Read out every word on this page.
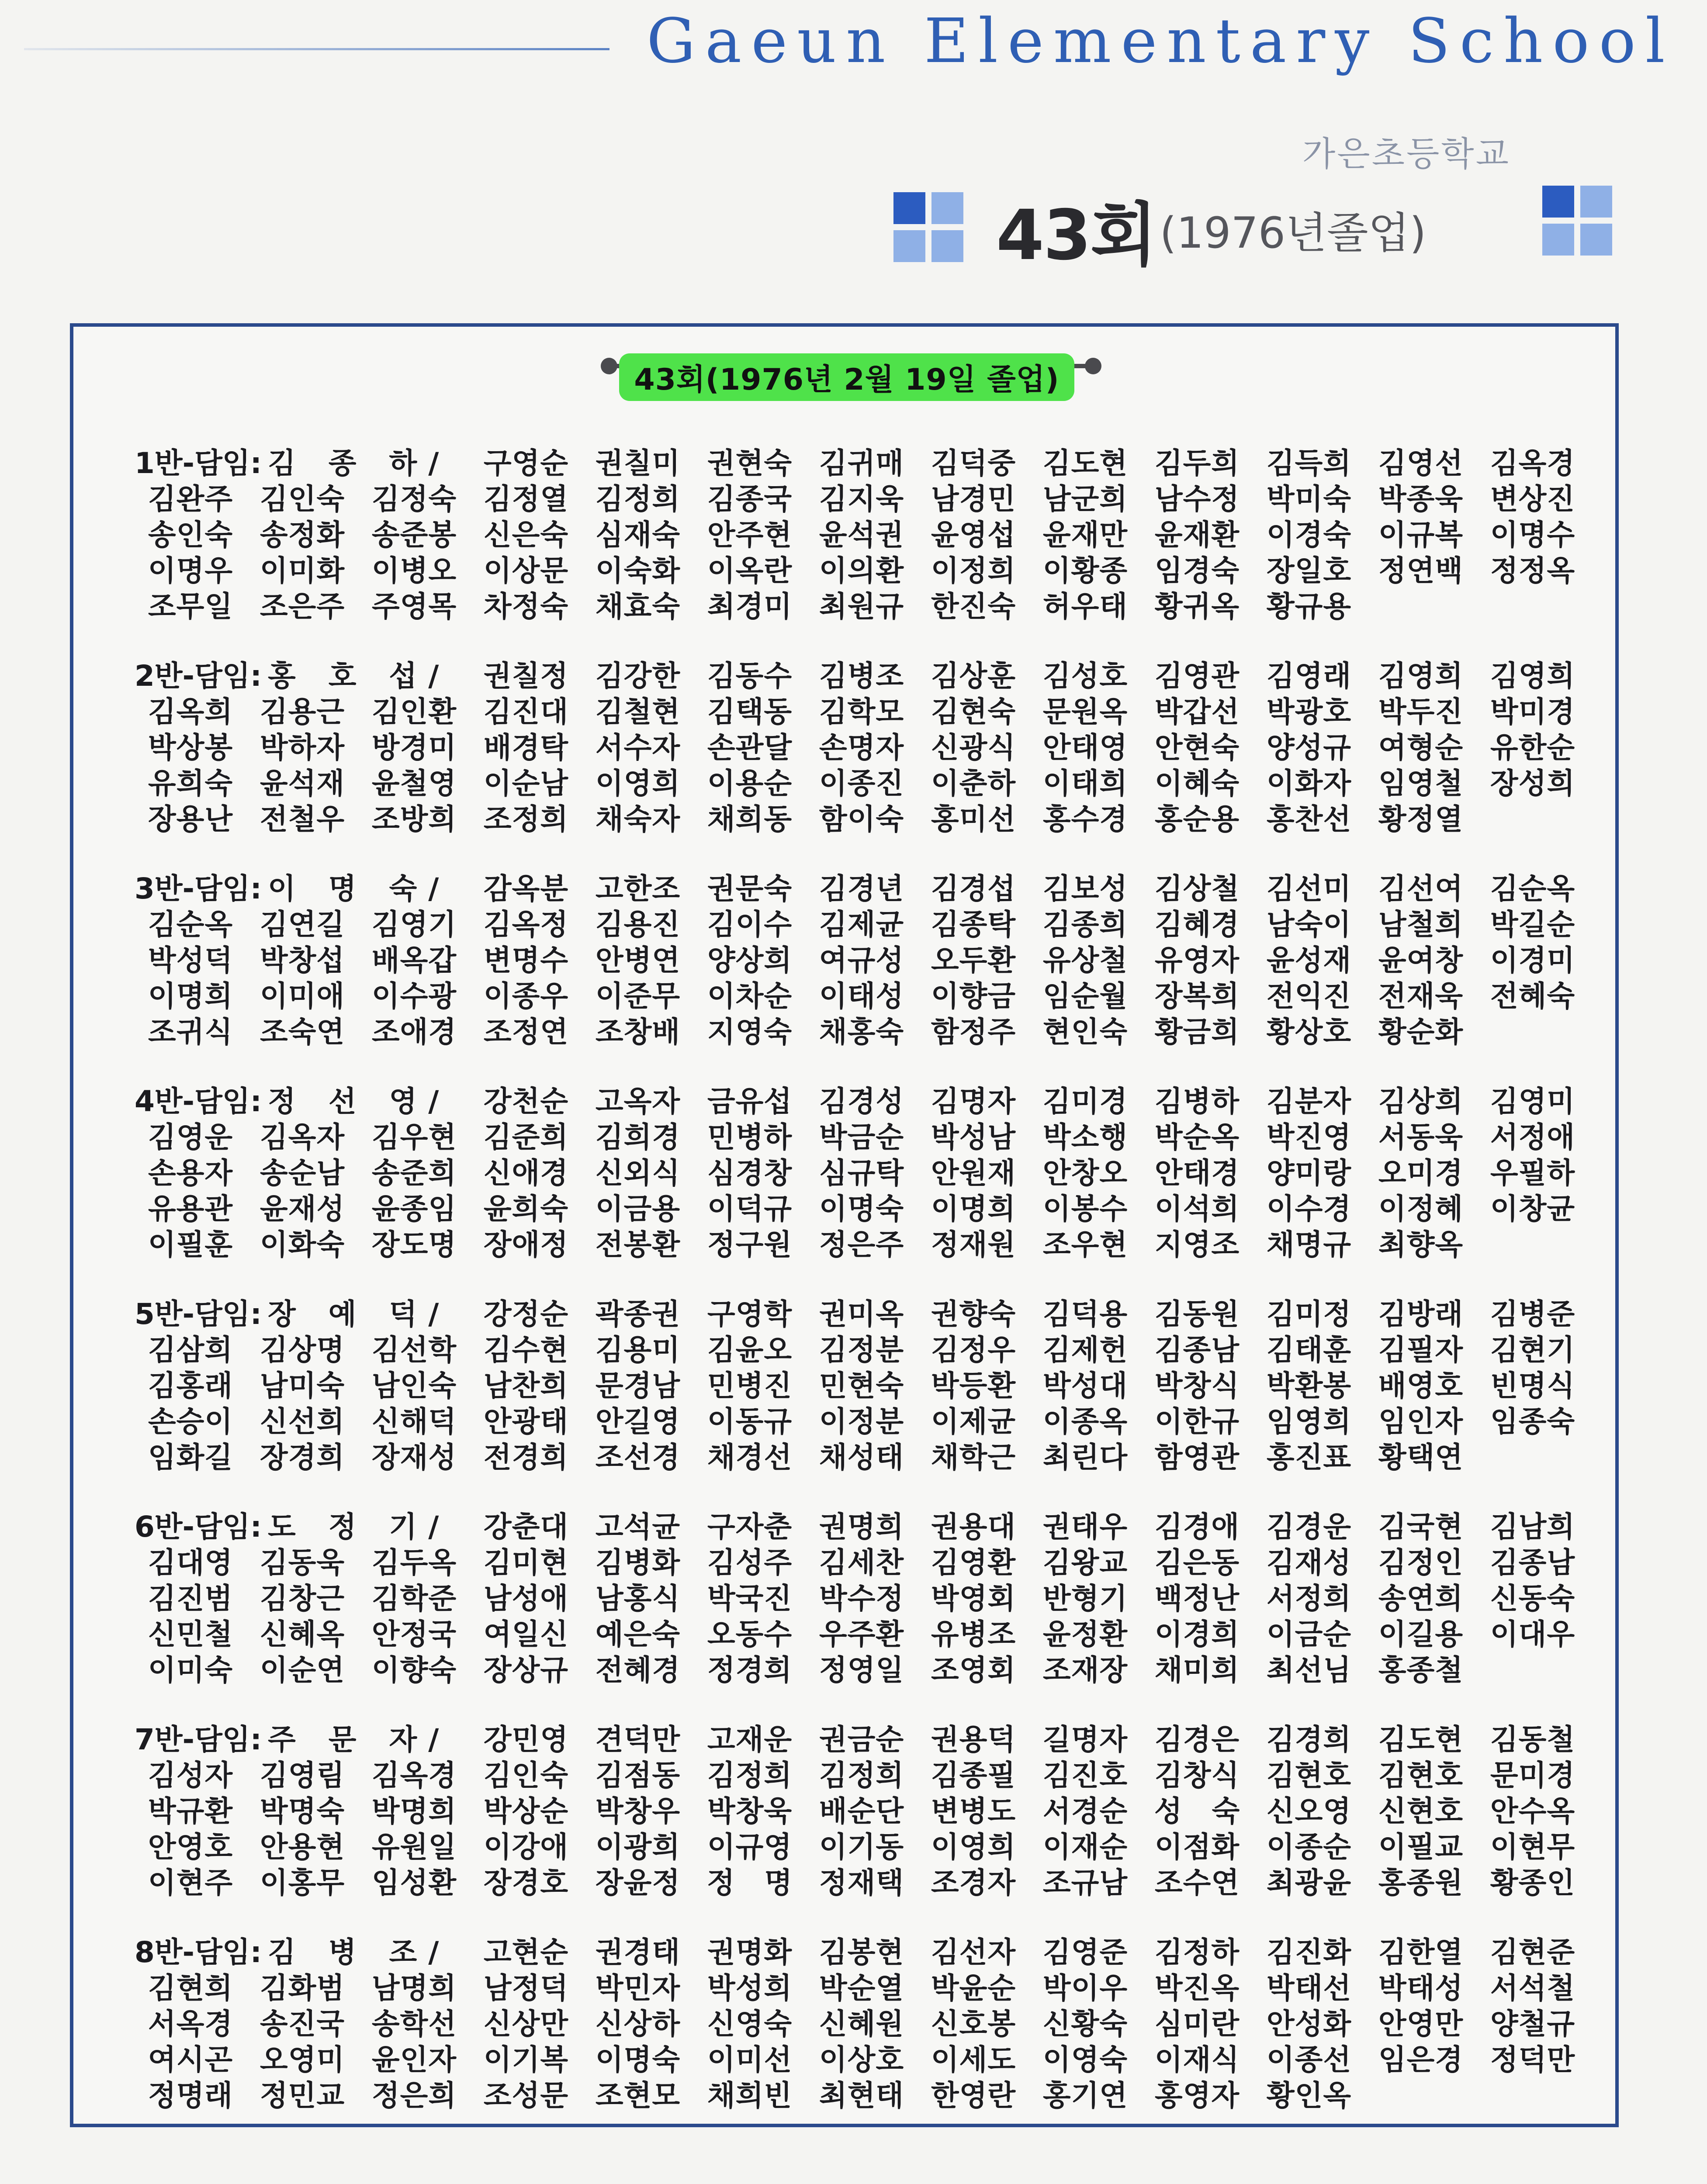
Gaeun Elementary School
가은초등학교
43회 (1976년졸업)
43회(1976년 2월 19일 졸업)
1반-담임: 김 종 하/	구영순 권칠미 권현숙 김귀매 김덕중 김도현 김두희 김득희 김영선 김옥경
김완주 김인숙 김정숙 김정열 김정희 김종국 김지욱 남경민 남군희 남수정 박미숙 박종욱 변상진
송인숙 송정화 송준봉 신은숙 심재숙 안주현 윤석권 윤영섭 윤재만 윤재환 이경숙 이규복 이명수
이명우 이미화 이병오 이상문 이숙화 이옥란 이의환 이정희 이황종 임경숙 장일호 정연백 정정옥
조무일 조은주 주영목 차정숙 채효숙 최경미 최원규 한진숙 허우태 황귀옥 황규용
2반-담임: 홍 호 섭/	권칠정 김강한 김동수 김병조 김상훈 김성호 김영관 김영래 김영희 김영희
김옥희 김용근 김인환 김진대 김철현 김택동 김학모 김현숙 문원옥 박갑선 박광호 박두진 박미경
박상봉 박하자 방경미 배경탁 서수자 손관달 손명자 신광식 안태영 안현숙 양성규 여형순 유한순
유희숙 윤석재 윤철영 이순남 이영희 이용순 이종진 이춘하 이태희 이혜숙 이화자 임영철 장성희
장용난 전철우 조방희 조정희 채숙자 채희동 함이숙 홍미선 홍수경 홍순용 홍찬선 황정열
3반-담임: 이 명 숙/	감옥분 고한조 권문숙 김경년 김경섭 김보성 김상철 김선미 김선여 김순옥
김순옥 김연길 김영기 김옥정 김용진 김이수 김제균 김종탁 김종희 김혜경 남숙이 남철희 박길순
박성덕 박창섭 배옥갑 변명수 안병연 양상희 여규성 오두환 유상철 유영자 윤성재 윤여창 이경미
이명희 이미애 이수광 이종우 이준무 이차순 이태성 이향금 임순월 장복희 전익진 전재욱 전혜숙
조귀식 조숙연 조애경 조정연 조창배 지영숙 채홍숙 함정주 현인숙 황금희 황상호 황순화
4반-담임: 정 선 영/	강천순 고옥자 금유섭 김경성 김명자 김미경 김병하 김분자 김상희 김영미
김영운 김옥자 김우현 김준희 김희경 민병하 박금순 박성남 박소행 박순옥 박진영 서동욱 서정애
손용자 송순남 송준희 신애경 신외식 심경창 심규탁 안원재 안창오 안태경 양미랑 오미경 우필하
유용관 윤재성 윤종임 윤희숙 이금용 이덕규 이명숙 이명희 이봉수 이석희 이수경 이정혜 이창균
이필훈 이화숙 장도명 장애정 전봉환 정구원 정은주 정재원 조우현 지영조 채명규 최향옥
5반-담임: 장 예 덕/	강정순 곽종권 구영학 권미옥 권향숙 김덕용 김동원 김미정 김방래 김병준
김삼희 김상명 김선학 김수현 김용미 김윤오 김정분 김정우 김제헌 김종남 김태훈 김필자 김현기
김홍래 남미숙 남인숙 남찬희 문경남 민병진 민현숙 박등환 박성대 박창식 박환봉 배영호 빈명식
손승이 신선희 신해덕 안광태 안길영 이동규 이정분 이제균 이종옥 이한규 임영희 임인자 임종숙
임화길 장경희 장재성 전경희 조선경 채경선 채성태 채학근 최린다 함영관 홍진표 황택연
6반-담임: 도 정 기/	강춘대 고석균 구자춘 권명희 권용대 권태우 김경애 김경운 김국현 김남희
김대영 김동욱 김두옥 김미현 김병화 김성주 김세찬 김영환 김왕교 김은동 김재성 김정인 김종남
김진범 김창근 김학준 남성애 남홍식 박국진 박수정 박영회 반형기 백정난 서정희 송연희 신동숙
신민철 신혜옥 안정국 여일신 예은숙 오동수 우주환 유병조 윤정환 이경희 이금순 이길용 이대우
이미숙 이순연 이향숙 장상규 전혜경 정경희 정영일 조영회 조재장 채미희 최선님 홍종철
7반-담임: 주 문 자/	강민영 견덕만 고재운 권금순 권용덕 길명자 김경은 김경희 김도현 김동철
김성자 김영림 김옥경 김인숙 김점동 김정희 김정희 김종필 김진호 김창식 김현호 김현호 문미경
박규환 박명숙 박명희 박상순 박창우 박창욱 배순단 변병도 서경순 성　숙 신오영 신현호 안수옥
안영호 안용현 유원일 이강애 이광희 이규영 이기동 이영희 이재순 이점화 이종순 이필교 이현무
이현주 이홍무 임성환 장경호 장윤정 정　명 정재택 조경자 조규남 조수연 최광윤 홍종원 황종인
8반-담임: 김 병 조/	고현순 권경태 권명화 김봉현 김선자 김영준 김정하 김진화 김한열 김현준
김현희 김화범 남명희 남정덕 박민자 박성희 박순열 박윤순 박이우 박진옥 박태선 박태성 서석철
서옥경 송진국 송학선 신상만 신상하 신영숙 신혜원 신호봉 신황숙 심미란 안성화 안영만 양철규
여시곤 오영미 윤인자 이기복 이명숙 이미선 이상호 이세도 이영숙 이재식 이종선 임은경 정덕만
정명래 정민교 정은희 조성문 조현모 채희빈 최현태 한영란 홍기연 홍영자 황인옥
